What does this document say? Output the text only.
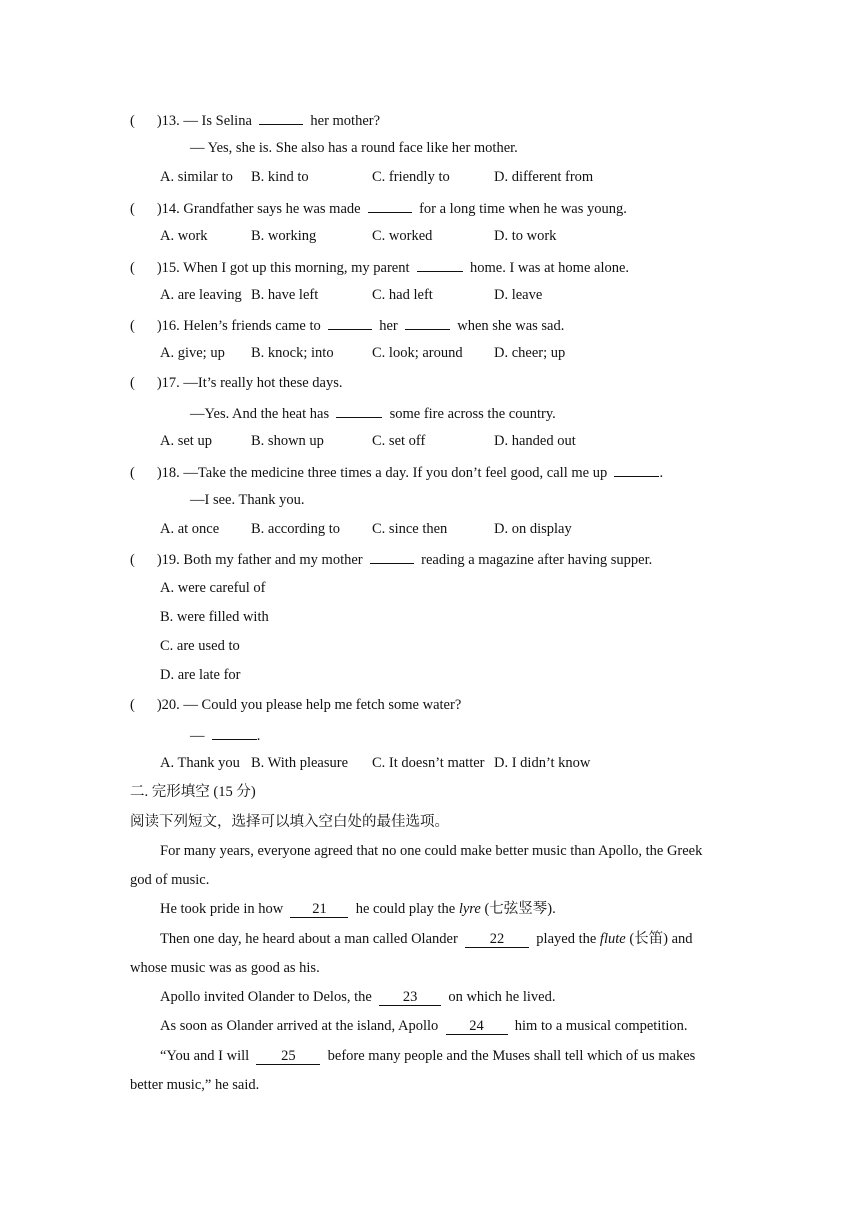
( )13. — Is Selina	her mother?
— Yes, she is. She also has a round face like her mother.
A. similar to B. kind to	C. friendly to	D. different from
( )14. Grandfather says he was made	for a long time when he was young.
A. work	B. working	C. worked	D. to work
( )15. When I got up this morning, my parent	home. I was at home alone.
A. are leaving B. have left	C. had left	D. leave
( )16. Helen’s friends came to	her	when she was sad.
A. give; up B. knock; into	C. look; around D. cheer; up
( )17. —It’s really hot these days.
—Yes. And the heat has	some fire across the country.
A. set up	B. shown up	C. set off	D. handed out
( )18. —Take the medicine three times a day. If you don’t feel good, call me up	.
—I see. Thank you.
A. at once B. according to C. since then	D. on display
( )19. Both my father and my mother	reading a magazine after having supper.
A. were careful of
B. were filled with
C. are used to
D. are late for
( )20. — Could you please help me fetch some water?
—	.
A. Thank you B. With pleasure C. It doesn’t matter D. I didn’t know
二. 完形填空 (15 分)
阅读下列短文，选择可以填入空白处的最佳选项。
For many years, everyone agreed that no one could make better music than Apollo, the Greek
god of music.
He took pride in how 21 he could play the lyre (七弦竖琴).
Then one day, he heard about a man called Olander 22 played the flute (长笛) and
whose music was as good as his.
Apollo invited Olander to Delos, the 23 on which he lived.
As soon as Olander arrived at the island, Apollo 24 him to a musical competition.
“You and I will 25 before many people and the Muses shall tell which of us makes
better music,” he said.
